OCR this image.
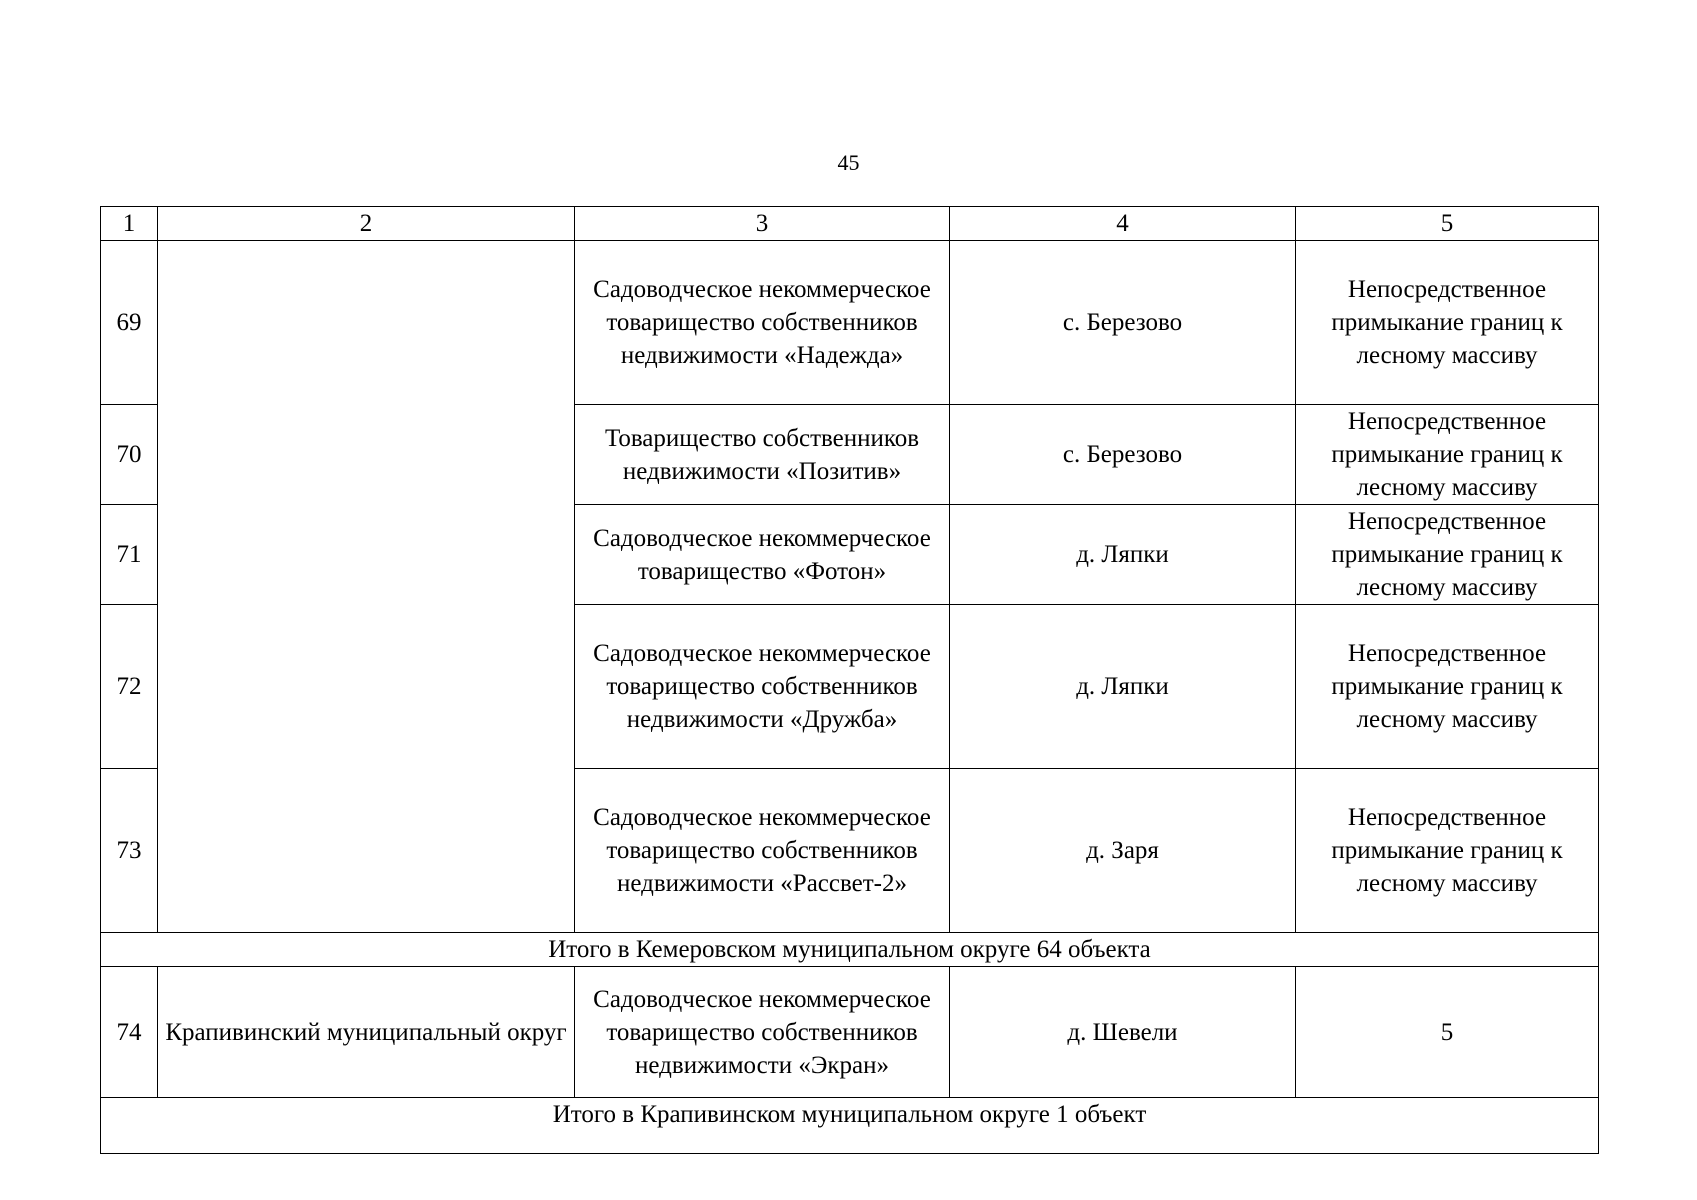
45
1	2	3	4	5
69		Садоводческое некоммерческое товарищество собственников недвижимости «Надежда»	с. Березово	Непосредственное примыкание границ к лесному массиву
70		Товарищество собственников недвижимости «Позитив»	с. Березово	Непосредственное примыкание границ к лесному массиву
71		Садоводческое некоммерческое товарищество «Фотон»	д. Ляпки	Непосредственное примыкание границ к лесному массиву
72		Садоводческое некоммерческое товарищество собственников недвижимости «Дружба»	д. Ляпки	Непосредственное примыкание границ к лесному массиву
73		Садоводческое некоммерческое товарищество собственников недвижимости «Рассвет-2»	д. Заря	Непосредственное примыкание границ к лесному массиву
Итого в Кемеровском муниципальном округе 64 объекта				
74	Крапивинский муниципальный округ	Садоводческое некоммерческое товарищество собственников недвижимости «Экран»	д. Шевели	5
Итого в Крапивинском муниципальном округе 1 объект				
